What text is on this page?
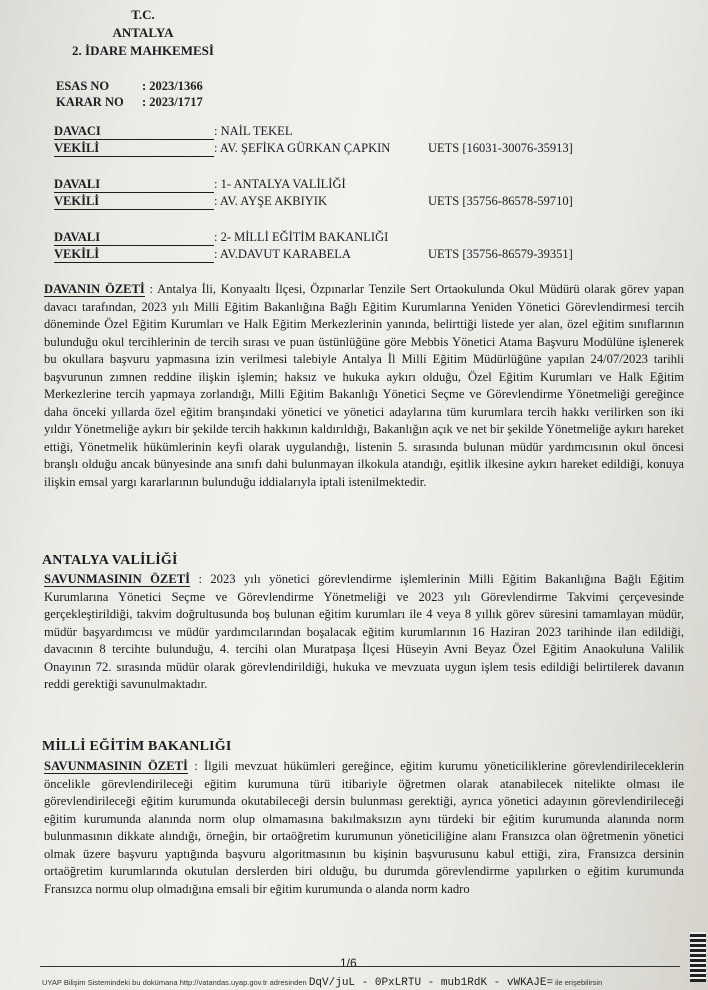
T.C.
ANTALYA
2. İDARE MAHKEMESİ
ESAS NO	: 2023/1366
KARAR NO : 2023/1717
DAVACI	: NAİL TEKEL
VEKİLİ	: AV. ŞEFİKA GÜRKAN ÇAPKIN	UETS [16031-30076-35913]
DAVALI	: 1- ANTALYA VALİLİĞİ
VEKİLİ	: AV. AYŞE AKBIYIK	UETS [35756-86578-59710]
DAVALI	: 2- MİLLİ EĞİTİM BAKANLIĞI
VEKİLİ	: AV.DAVUT KARABELA	UETS [35756-86579-39351]
DAVANIN ÖZETİ : Antalya İli, Konyaaltı İlçesi, Özpınarlar Tenzile Sert Ortaokulunda Okul Müdürü olarak görev yapan davacı tarafından, 2023 yılı Milli Eğitim Bakanlığına Bağlı Eğitim Kurumlarına Yeniden Yönetici Görevlendirmesi tercih döneminde Özel Eğitim Kurumları ve Halk Eğitim Merkezlerinin yanında, belirttiği listede yer alan, özel eğitim sınıflarının bulunduğu okul tercihlerinin de tercih sırası ve puan üstünlüğüne göre Mebbis Yönetici Atama Başvuru Modülüne işlenerek bu okullara başvuru yapmasına izin verilmesi talebiyle Antalya İl Milli Eğitim Müdürlüğüne yapılan 24/07/2023 tarihli başvurunun zımnen reddine ilişkin işlemin; haksız ve hukuka aykırı olduğu, Özel Eğitim Kurumları ve Halk Eğitim Merkezlerine tercih yapmaya zorlandığı, Milli Eğitim Bakanlığı Yönetici Seçme ve Görevlendirme Yönetmeliği gereğince daha önceki yıllarda özel eğitim branşındaki yönetici ve yönetici adaylarına tüm kurumlara tercih hakkı verilirken son iki yıldır Yönetmeliğe aykırı bir şekilde tercih hakkının kaldırıldığı, Bakanlığın açık ve net bir şekilde Yönetmeliğe aykırı hareket ettiği, Yönetmelik hükümlerinin keyfi olarak uygulandığı, listenin 5. sırasında bulunan müdür yardımcısının okul öncesi branşlı olduğu ancak bünyesinde ana sınıfı dahi bulunmayan ilkokula atandığı, eşitlik ilkesine aykırı hareket edildiği, konuya ilişkin emsal yargı kararlarının bulunduğu iddialarıyla iptali istenilmektedir.
ANTALYA VALİLİĞİ
SAVUNMASININ ÖZETİ : 2023 yılı yönetici görevlendirme işlemlerinin Milli Eğitim Bakanlığına Bağlı Eğitim Kurumlarına Yönetici Seçme ve Görevlendirme Yönetmeliği ve 2023 yılı Görevlendirme Takvimi çerçevesinde gerçekleştirildiği, takvim doğrultusunda boş bulunan eğitim kurumları ile 4 veya 8 yıllık görev süresini tamamlayan müdür, müdür başyardımcısı ve müdür yardımcılarından boşalacak eğitim kurumlarının 16 Haziran 2023 tarihinde ilan edildiği, davacının 8 tercihte bulunduğu, 4. tercihi olan Muratpaşa İlçesi Hüseyin Avni Beyaz Özel Eğitim Anaokuluna Valilik Onayının 72. sırasında müdür olarak görevlendirildiği, hukuka ve mevzuata uygun işlem tesis edildiği belirtilerek davanın reddi gerektiği savunulmaktadır.
MİLLİ EĞİTİM BAKANLIĞI
SAVUNMASININ ÖZETİ : İlgili mevzuat hükümleri gereğince, eğitim kurumu yöneticiliklerine görevlendirileceklerin öncelikle görevlendirileceği eğitim kurumuna türü itibariyle öğretmen olarak atanabilecek nitelikte olması ile görevlendirileceği eğitim kurumunda okutabileceği dersin bulunması gerektiği, ayrıca yönetici adayının görevlendirileceği eğitim kurumunda alanında norm olup olmamasına bakılmaksızın aynı türdeki bir eğitim kurumunda alanında norm bulunmasının dikkate alındığı, örneğin, bir ortaöğretim kurumunun yöneticiliğine alanı Fransızca olan öğretmenin yönetici olmak üzere başvuru yaptığında başvuru algoritmasının bu kişinin başvurusunu kabul ettiği, zira, Fransızca dersinin ortaöğretim kurumlarında okutulan derslerden biri olduğu, bu durumda görevlendirme yapılırken o eğitim kurumunda Fransızca normu olup olmadığına emsali bir eğitim kurumunda o alanda norm kadro
1/6
UYAP Bilişim Sistemindeki bu dokümana http://vatandas.uyap.gov.tr adresinden DqV/juL - 0PxLRTU - mub1RdK - vWKAJE= ile erişebilirsin
